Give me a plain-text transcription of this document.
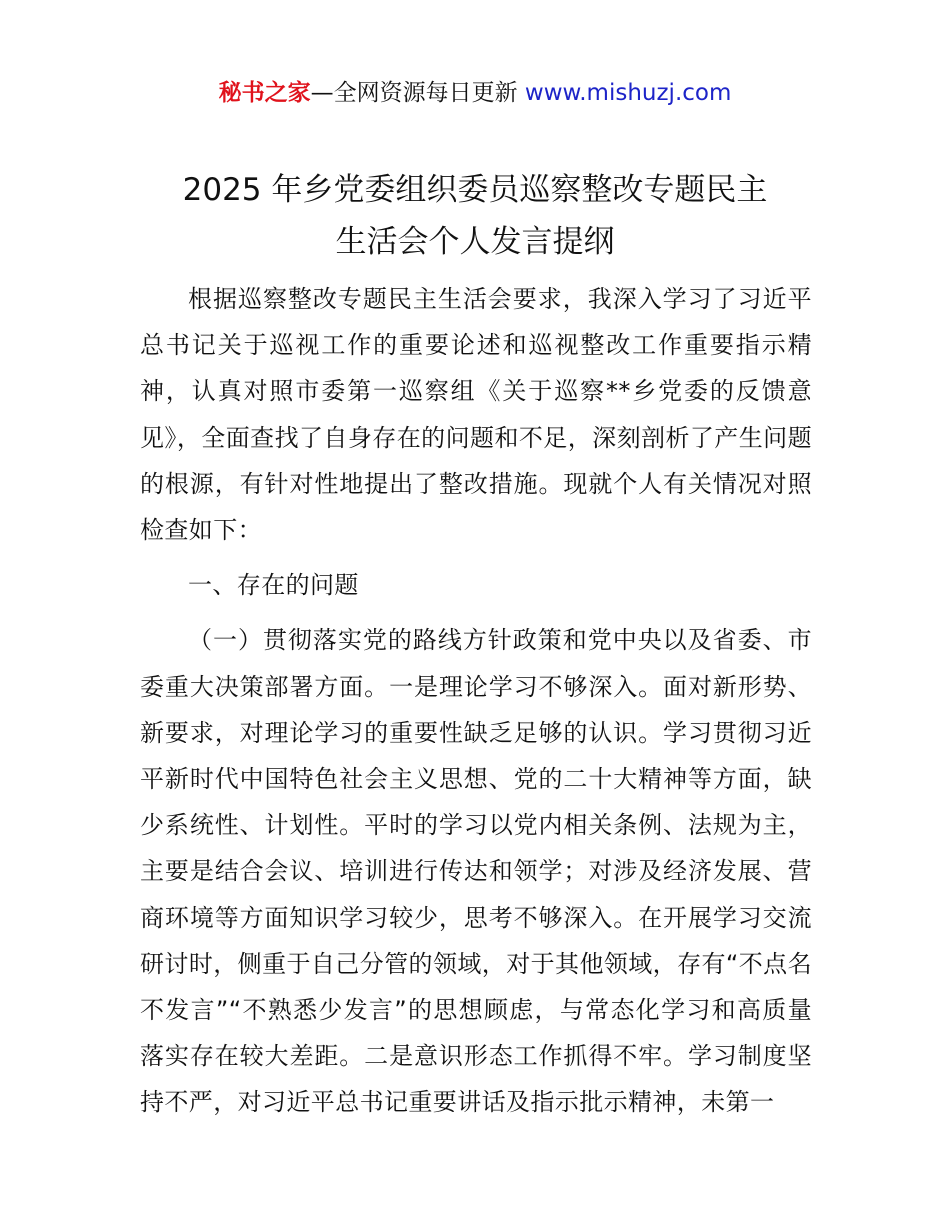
秘书之家—全网资源每日更新 www.mishuzj.com
2025 年乡党委组织委员巡察整改专题民主
生活会个人发言提纲

根据巡察整改专题民主生活会要求，我深入学习了习近平总书记关于巡视工作的重要论述和巡视整改工作重要指示精神，认真对照市委第一巡察组《关于巡察**乡党委的反馈意见》，全面查找了自身存在的问题和不足，深刻剖析了产生问题的根源，有针对性地提出了整改措施。现就个人有关情况对照检查如下：

一、存在的问题

（一）贯彻落实党的路线方针政策和党中央以及省委、市委重大决策部署方面。一是理论学习不够深入。面对新形势、新要求，对理论学习的重要性缺乏足够的认识。学习贯彻习近平新时代中国特色社会主义思想、党的二十大精神等方面，缺少系统性、计划性。平时的学习以党内相关条例、法规为主，主要是结合会议、培训进行传达和领学；对涉及经济发展、营商环境等方面知识学习较少，思考不够深入。在开展学习交流研讨时，侧重于自己分管的领域，对于其他领域，存有“不点名不发言”“不熟悉少发言”的思想顾虑，与常态化学习和高质量落实存在较大差距。二是意识形态工作抓得不牢。学习制度坚持不严，对习近平总书记重要讲话及指示批示精神，未第一
